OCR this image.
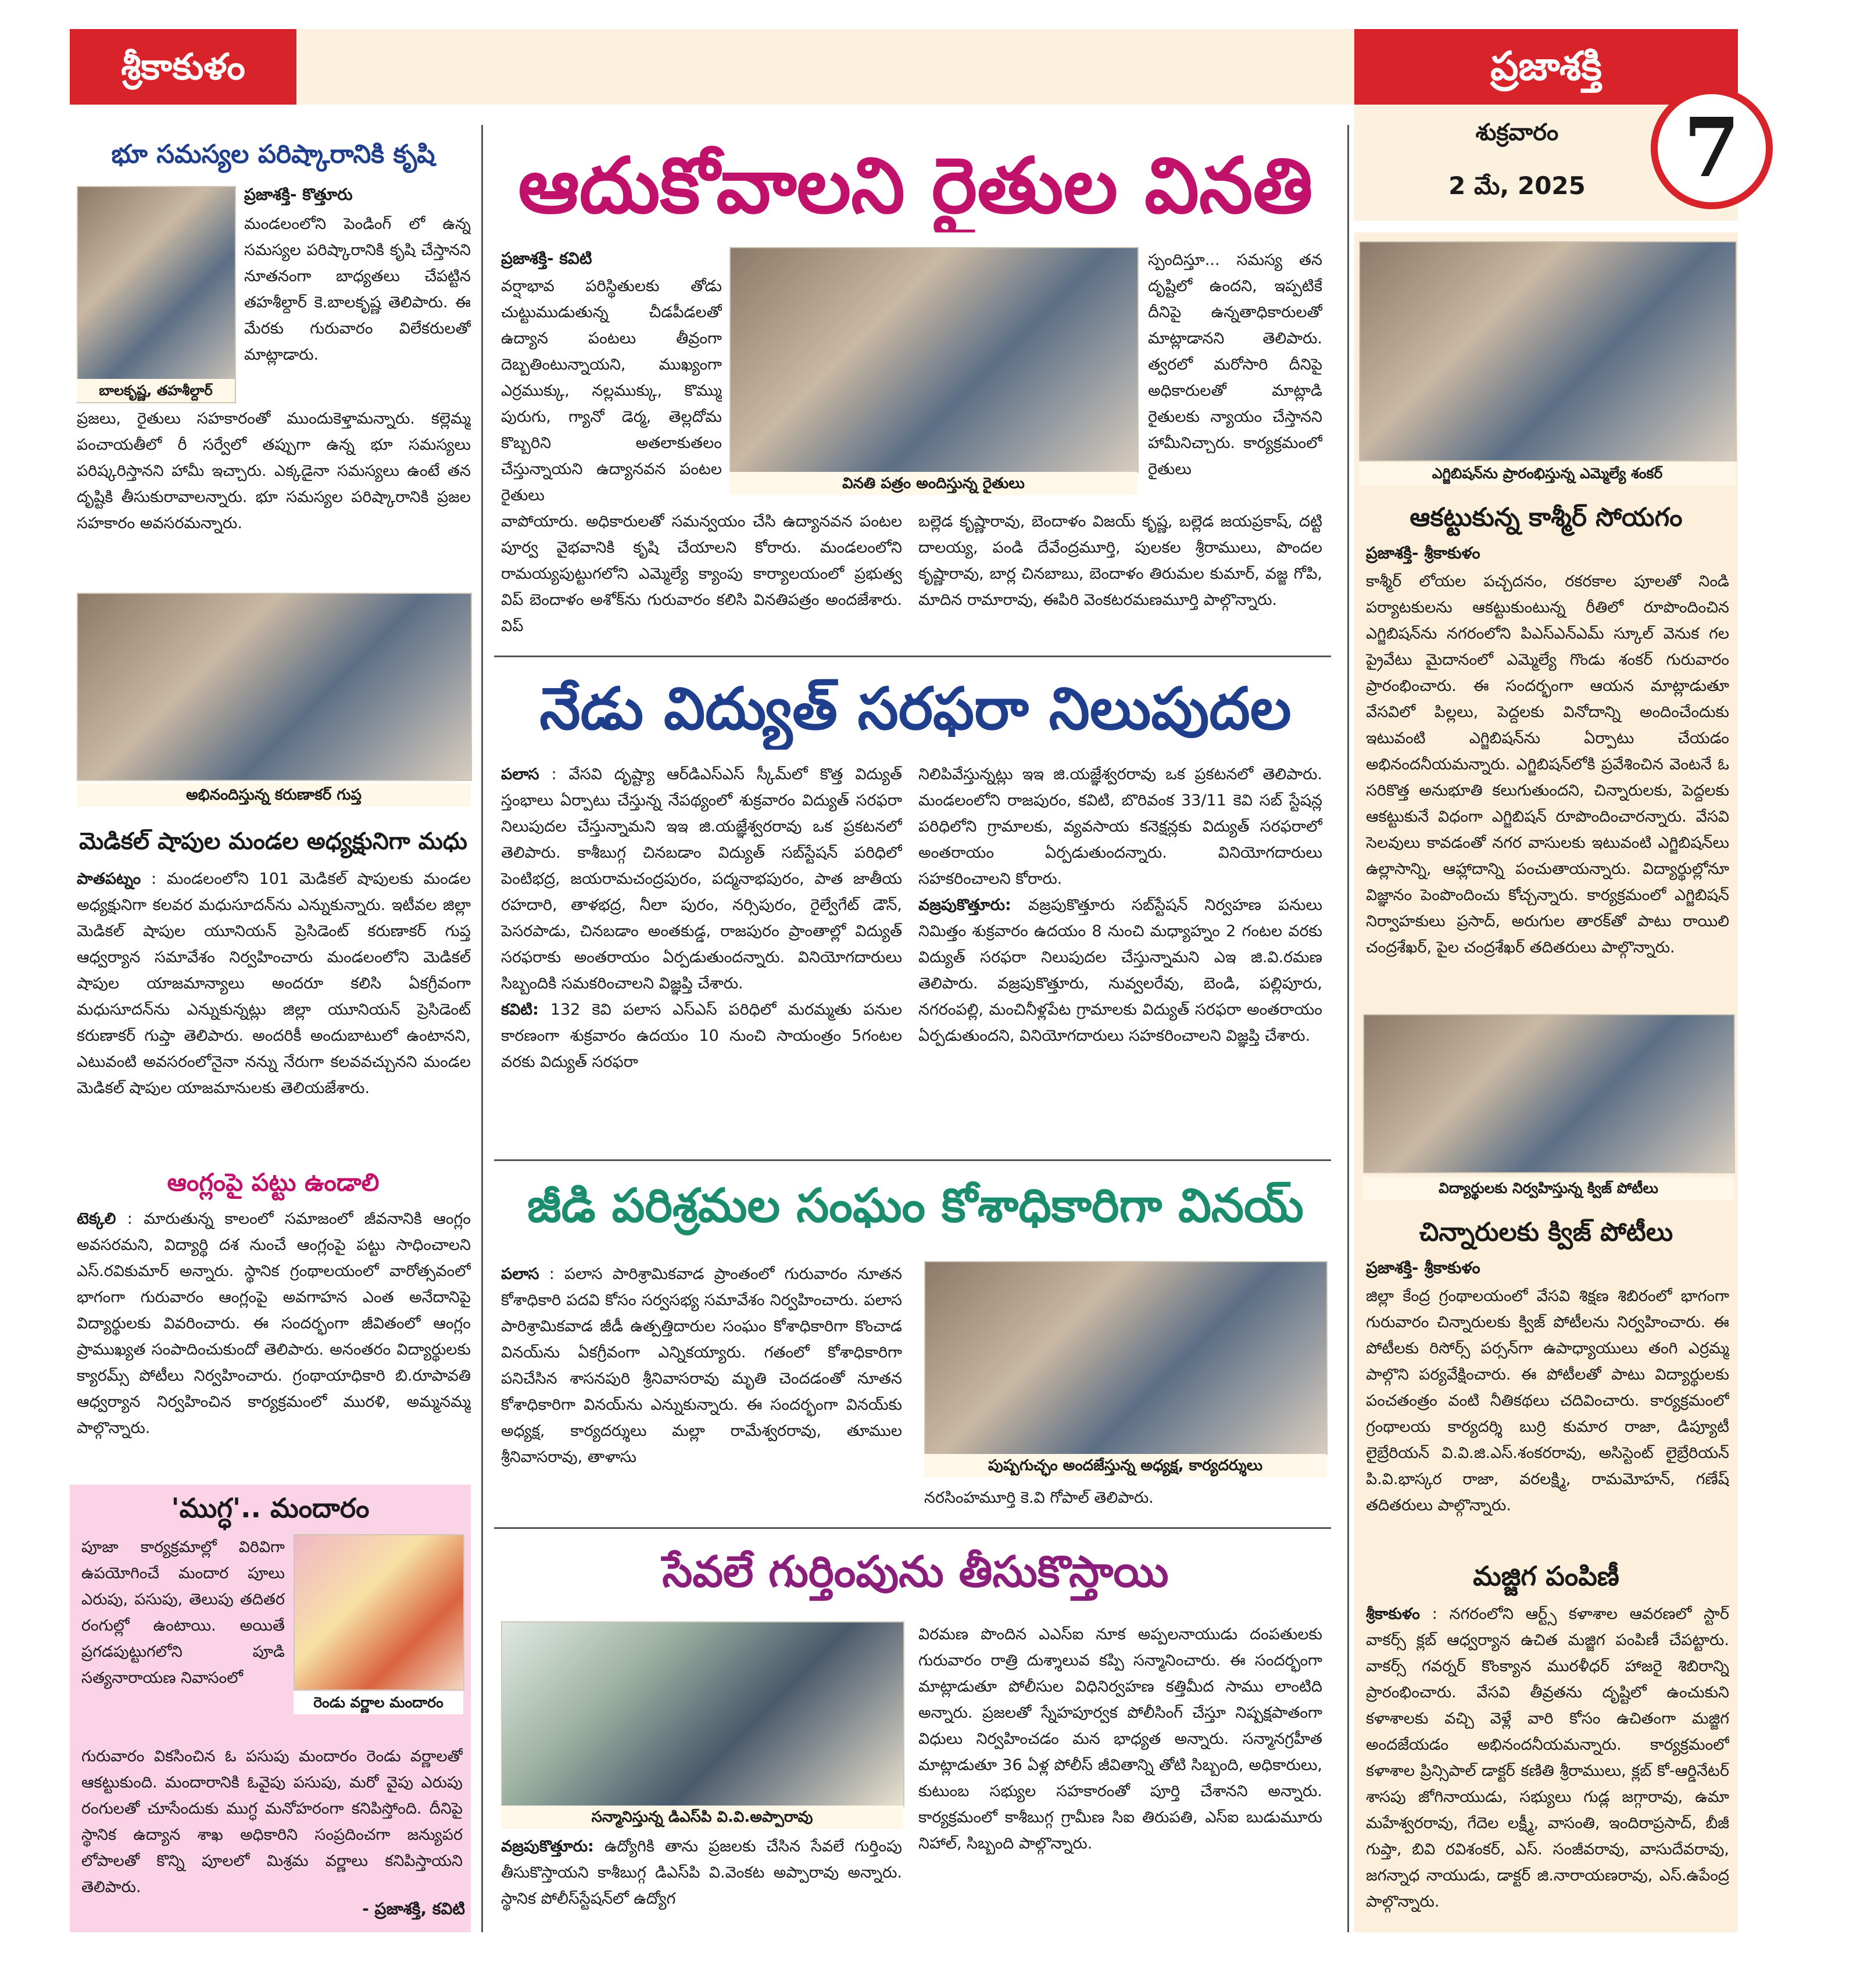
శ్రీకాకుళం	ప్రజాశక్తి
శుక్రవారం
2 మే, 2025	7
భూ సమస్యల పరిష్కారానికి కృషి
బాలకృష్ణ, తహశీల్దార్
ప్రజాశక్తి- కొత్తూరు
మండలంలోని పెండింగ్ లో ఉన్న సమస్యల పరిష్కారానికి కృషి చేస్తానని నూతనంగా బాధ్యతలు చేపట్టిన తహశీల్దార్ కె.బాలకృష్ణ తెలిపారు. ఈ మేరకు గురువారం విలేకరులతో మాట్లాడారు.
ప్రజలు, రైతులు సహకారంతో ముందుకెళ్తామన్నారు. కల్లెమ్మ పంచాయతీలో రీ సర్వేలో తప్పుగా ఉన్న భూ సమస్యలు పరిష్కరిస్తానని హామీ ఇచ్చారు. ఎక్కడైనా సమస్యలు ఉంటే తన దృష్టికి తీసుకురావాలన్నారు. భూ సమస్యల పరిష్కారానికి ప్రజల సహకారం అవసరమన్నారు.
అభినందిస్తున్న కరుణాకర్ గుప్త
మెడికల్ షాపుల మండల అధ్యక్షునిగా మధు
పాతపట్నం : మండలంలోని 101 మెడికల్ షాపులకు మండల అధ్యక్షునిగా కలవర మధుసూదన్‌ను ఎన్నుకున్నారు. ఇటీవల జిల్లా మెడికల్ షాపుల యూనియన్ ప్రెసిడెంట్ కరుణాకర్ గుప్త ఆధ్వర్యాన సమావేశం నిర్వహించారు మండలంలోని మెడికల్ షాపుల యాజమాన్యాలు అందరూ కలిసి ఏకగ్రీవంగా మధుసూదన్‌ను ఎన్నుకున్నట్లు జిల్లా యూనియన్ ప్రెసిడెంట్ కరుణాకర్ గుప్తా తెలిపారు. అందరికీ అందుబాటులో ఉంటానని, ఎటువంటి అవసరంలోనైనా నన్ను నేరుగా కలవవచ్చునని మండల మెడికల్ షాపుల యాజమానులకు తెలియజేశారు.
ఆంగ్లంపై పట్టు ఉండాలి
టెక్కలి : మారుతున్న కాలంలో సమాజంలో జీవనానికి ఆంగ్లం అవసరమని, విద్యార్థి దశ నుంచే ఆంగ్లంపై పట్టు సాధించాలని ఎస్.రవికుమార్ అన్నారు. స్థానిక గ్రంథాలయంలో వారోత్సవంలో భాగంగా గురువారం ఆంగ్లంపై అవగాహన ఎంత అనేదానిపై విద్యార్థులకు వివరించారు. ఈ సందర్భంగా జీవితంలో ఆంగ్లం ప్రాముఖ్యత సంపాదించుకుందో తెలిపారు. అనంతరం విద్యార్థులకు క్యారమ్స్ పోటీలు నిర్వహించారు. గ్రంథాయాధికారి బి.రూపావతి ఆధ్వర్యాన నిర్వహించిన కార్యక్రమంలో మురళి, అమ్మనమ్మ పాల్గొన్నారు.
'ముగ్ధ'.. మందారం
పూజా కార్యక్రమాల్లో విరివిగా ఉపయోగించే మందార పూలు ఎరుపు, పసుపు, తెలుపు తదితర రంగుల్లో ఉంటాయి. అయితే ప్రగడపుట్టుగలోని పూడి సత్యనారాయణ నివాసంలో
రెండు వర్ణాల మందారం
గురువారం వికసించిన ఓ పసుపు మందారం రెండు వర్ణాలతో ఆకట్టుకుంది. మందారానికి ఓవైపు పసుపు, మరో వైపు ఎరుపు రంగులతో చూసేందుకు ముగ్ధ మనోహరంగా కనిపిస్తోంది. దీనిపై స్థానిక ఉద్యాన శాఖ అధికారిని సంప్రదించగా జన్యుపర లోపాలతో కొన్ని పూలలో మిశ్రమ వర్ణాలు కనిపిస్తాయని తెలిపారు.
- ప్రజాశక్తి, కవిటి
ఆదుకోవాలని రైతుల వినతి
ప్రజాశక్తి- కవిటి
వర్షాభావ పరిస్థితులకు తోడు చుట్టుముడుతున్న చీడపీడలతో ఉద్యాన పంటలు తీవ్రంగా దెబ్బతింటున్నాయని, ముఖ్యంగా ఎర్రముక్కు, నల్లముక్కు, కొమ్ము పురుగు, గ్యానో డెర్మ, తెల్లదోమ కొబ్బరిని అతలాకుతలం చేస్తున్నాయని ఉద్యానవన పంటల రైతులు
వినతి పత్రం అందిస్తున్న రైతులు
స్పందిస్తూ... సమస్య తన దృష్టిలో ఉందని, ఇప్పటికే దీనిపై ఉన్నతాధికారులతో మాట్లాడానని తెలిపారు. త్వరలో మరోసారి దీనిపై అధికారులతో మాట్లాడి రైతులకు న్యాయం చేస్తానని హామీనిచ్చారు. కార్యక్రమంలో రైతులు
వాపోయారు. అధికారులతో సమన్వయం చేసి ఉద్యానవన పంటల పూర్వ వైభవానికి కృషి చేయాలని కోరారు. మండలంలోని రామయ్యపుట్టుగలోని ఎమ్మెల్యే క్యాంపు కార్యాలయంలో ప్రభుత్వ విప్ బెందాళం అశోక్‌ను గురువారం కలిసి వినతిపత్రం అందజేశారు. విప్
బల్లెడ కృష్ణారావు, బెందాళం విజయ్ కృష్ణ, బల్లెడ జయప్రకాష్, దట్టి దాలయ్య, పండి దేవేంద్రమూర్తి, పులకల శ్రీరాములు, పొందల కృష్ణారావు, బార్ల చినబాబు, బెందాళం తిరుమల కుమార్, వజ్జ గోపి, మాదిన రామారావు, ఈపిరి వెంకటరమణమూర్తి పాల్గొన్నారు.
నేడు విద్యుత్ సరఫరా నిలుపుదల
పలాస : వేసవి దృష్ట్యా ఆర్‌డిఎస్‌ఎస్ స్కీమ్‌లో కొత్త విద్యుత్ స్తంభాలు ఏర్పాటు చేస్తున్న నేపథ్యంలో శుక్రవారం విద్యుత్ సరఫరా నిలుపుదల చేస్తున్నామని ఇఇ జి.యజ్ఞేశ్వరరావు ఒక ప్రకటనలో తెలిపారు. కాశీబుగ్గ చినబడాం విద్యుత్ సబ్‌స్టేషన్ పరిధిలో పెంటిభద్ర, జయరామచంద్రపురం, పద్మనాభపురం, పాత జాతీయ రహదారి, తాళభద్ర, నీలా పురం, నర్సిపురం, రైల్వేగేట్ డౌన్, పెసరపాడు, చినబడాం అంతకుడ్డ, రాజపురం ప్రాంతాల్లో విద్యుత్ సరఫరాకు అంతరాయం ఏర్పడుతుందన్నారు. వినియోగదారులు సిబ్బందికి సమకరించాలని విజ్ఞప్తి చేశారు.
కవిటి: 132 కెవి పలాస ఎస్‌ఎస్ పరిధిలో మరమ్మతు పనుల కారణంగా శుక్రవారం ఉదయం 10 నుంచి సాయంత్రం 5గంటల వరకు విద్యుత్ సరఫరా
నిలిపివేస్తున్నట్లు ఇఇ జి.యజ్ఞేశ్వరరావు ఒక ప్రకటనలో తెలిపారు. మండలంలోని రాజపురం, కవిటి, బొరివంక 33/11 కెవి సబ్ స్టేషన్ల పరిధిలోని గ్రామాలకు, వ్యవసాయ కనెక్షన్లకు విద్యుత్ సరఫరాలో అంతరాయం ఏర్పడుతుందన్నారు. వినియోగదారులు సహకరించాలని కోరారు.
వజ్రపుకొత్తూరు: వజ్రపుకొత్తూరు సబ్‌స్టేషన్ నిర్వహణ పనులు నిమిత్తం శుక్రవారం ఉదయం 8 నుంచి మధ్యాహ్నం 2 గంటల వరకు విద్యుత్ సరఫరా నిలుపుదల చేస్తున్నామని ఎఇ జి.వి.రమణ తెలిపారు. వజ్రపుకొత్తూరు, నువ్వలరేవు, బెండి, పల్లిపూరు, నగరంపల్లి, మంచినీళ్లపేట గ్రామాలకు విద్యుత్ సరఫరా అంతరాయం ఏర్పడుతుందని, వినియోగదారులు సహకరించాలని విజ్ఞప్తి చేశారు.
జీడి పరిశ్రమల సంఘం కోశాధికారిగా వినయ్
పలాస : పలాస పారిశ్రామికవాడ ప్రాంతంలో గురువారం నూతన కోశాధికారి పదవి కోసం సర్వసభ్య సమావేశం నిర్వహించారు. పలాస పారిశ్రామికవాడ జీడీ ఉత్పత్తిదారుల సంఘం కోశాధికారిగా కొంచాడ వినయ్‌ను ఏకగ్రీవంగా ఎన్నికయ్యారు. గతంలో కోశాధికారిగా పనిచేసిన శాసనపురి శ్రీనివాసరావు మృతి చెందడంతో నూతన కోశాధికారిగా వినయ్‌ను ఎన్నుకున్నారు. ఈ సందర్భంగా వినయ్‌కు అధ్యక్ష, కార్యదర్శులు మల్లా రామేశ్వరరావు, తూముల శ్రీనివాసరావు, తాళాసు	పుష్పగుచ్ఛం అందజేస్తున్న అధ్యక్ష, కార్యదర్శులు
నరసింహమూర్తి కె.వి గోపాల్ తెలిపారు.
సేవలే గుర్తింపును తీసుకొస్తాయి
సన్మానిస్తున్న డిఎస్‌పి వి.వి.అప్పారావు
వజ్రపుకొత్తూరు: ఉద్యోగికి తాను ప్రజలకు చేసిన సేవలే గుర్తింపు తీసుకొస్తాయని కాశీబుగ్గ డిఎస్‌పి వి.వెంకట అప్పారావు అన్నారు. స్థానిక పోలీస్‌స్టేషన్‌లో ఉద్యోగ
విరమణ పొందిన ఎఎస్‌ఐ నూక అప్పలనాయుడు దంపతులకు గురువారం రాత్రి దుశ్శాలువ కప్పి సన్మానించారు. ఈ సందర్భంగా మాట్లాడుతూ పోలీసుల విధినిర్వహణ కత్తిమీద సాము లాంటిది అన్నారు. ప్రజలతో స్నేహపూర్వక పోలీసింగ్ చేస్తూ నిష్పక్షపాతంగా విధులు నిర్వహించడం మన భాధ్యత అన్నారు. సన్మానగ్రహీత మాట్లాడుతూ 36 ఏళ్ల పోలీస్ జీవితాన్ని తోటి సిబ్బంది, అధికారులు, కుటుంబ సభ్యుల సహకారంతో పూర్తి చేశానని అన్నారు. కార్యక్రమంలో కాశీబుగ్గ గ్రామీణ సిఐ తిరుపతి, ఎస్‌ఐ బుడుమూరు నిహాల్, సిబ్బంది పాల్గొన్నారు.
ఎగ్జిబిషన్‌ను ప్రారంభిస్తున్న ఎమ్మెల్యే శంకర్
ఆకట్టుకున్న కాశ్మీర్ సోయగం
ప్రజాశక్తి- శ్రీకాకుళం
కాశ్మీర్ లోయల పచ్చదనం, రకరకాల పూలతో నిండి పర్యాటకులను ఆకట్టుకుంటున్న రీతిలో రూపొందించిన ఎగ్జిబిషన్‌ను నగరంలోని పిఎస్‌ఎన్‌ఎమ్ స్కూల్ వెనుక గల ప్రైవేటు మైదానంలో ఎమ్మెల్యే గొండు శంకర్ గురువారం ప్రారంభించారు. ఈ సందర్భంగా ఆయన మాట్లాడుతూ వేసవిలో పిల్లలు, పెద్దలకు వినోదాన్ని అందించేందుకు ఇటువంటి ఎగ్జిబిషన్‌ను ఏర్పాటు చేయడం అభినందనీయమన్నారు. ఎగ్జిబిషన్‌లోకి ప్రవేశించిన వెంటనే ఓ సరికొత్త అనుభూతి కలుగుతుందని, చిన్నారులకు, పెద్దలకు ఆకట్టుకునే విధంగా ఎగ్జిబిషన్ రూపొందించారన్నారు. వేసవి సెలవులు కావడంతో నగర వాసులకు ఇటువంటి ఎగ్జిబిషన్‌లు ఉల్లాసాన్ని, ఆహ్లాదాన్ని పంచుతాయన్నారు. విద్యార్థుల్లోనూ విజ్ఞానం పెంపొందించు కోచ్చన్నారు. కార్యక్రమంలో ఎగ్జిబిషన్ నిర్వాహకులు ప్రసాద్, అరుగుల తారక్‌తో పాటు రాయిలి చంద్రశేఖర్, పైల చంద్రశేఖర్ తదితరులు పాల్గొన్నారు.
విద్యార్థులకు నిర్వహిస్తున్న క్విజ్ పోటీలు
చిన్నారులకు క్విజ్ పోటీలు
ప్రజాశక్తి- శ్రీకాకుళం
జిల్లా కేంద్ర గ్రంథాలయంలో వేసవి శిక్షణ శిబిరంలో భాగంగా గురువారం చిన్నారులకు క్విజ్ పోటీలను నిర్వహించారు. ఈ పోటీలకు రిసోర్స్ పర్సన్‌గా ఉపాధ్యాయులు తంగి ఎర్రమ్మ పాల్గొని పర్యవేక్షించారు. ఈ పోటీలతో పాటు విద్యార్థులకు పంచతంత్రం వంటి నీతికథలు చదివించారు. కార్యక్రమంలో గ్రంథాలయ కార్యదర్శి బుర్రి కుమార రాజా, డిప్యూటీ లైబ్రేరియన్ వి.వి.జి.ఎస్.శంకరరావు, అసిస్టెంట్ లైబ్రేరియన్ పి.వి.భాస్కర రాజా, వరలక్ష్మి, రామమోహన్, గణేష్ తదితరులు పాల్గొన్నారు.
మజ్జిగ పంపిణీ
శ్రీకాకుళం : నగరంలోని ఆర్ట్స్ కళాశాల ఆవరణలో స్టార్ వాకర్స్ క్లబ్ ఆధ్వర్యాన ఉచిత మజ్జిగ పంపిణీ చేపట్టారు. వాకర్స్ గవర్నర్ కొంక్యాన మురళీధర్ హాజరై శిబిరాన్ని ప్రారంభించారు. వేసవి తీవ్రతను దృష్టిలో ఉంచుకుని కళాశాలకు వచ్చి వెళ్లే వారి కోసం ఉచితంగా మజ్జిగ అందజేయడం అభినందనీయమన్నారు. కార్యక్రమంలో కళాశాల ప్రిన్సిపాల్ డాక్టర్ కణితి శ్రీరాములు, క్లబ్ కో-ఆర్డినేటర్ శాసపు జోగినాయుడు, సభ్యులు గుడ్ల జగ్గారావు, ఉమా మహేశ్వరరావు, గేదెల లక్ష్మీ, వాసంతి, ఇందిరాప్రసాద్, బీజీ గుప్తా, బివి రవిశంకర్, ఎస్. సంజీవరావు, వాసుదేవరావు, జగన్నాధ నాయుడు, డాక్టర్ జి.నారాయణరావు, ఎస్.ఉపేంద్ర పాల్గొన్నారు.
